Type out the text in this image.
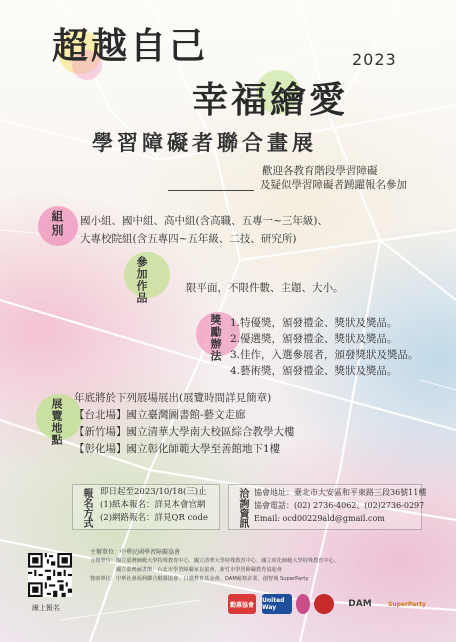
超越自己	2023
幸福繪愛
學習障礙者聯合畫展
歡迎各教育階段學習障礙
及疑似學習障礙者踴躍報名參加
組別 國小組、國中組、高中組(含高職、五專一~三年級)、
大專校院組(含五專四~五年級、二技、研究所)
參加作品	限平面，不限件數、主題、大小。
獎勵辦法 1.特優獎，頒發禮金、獎狀及獎品。
2.優選獎，頒發禮金、獎狀及獎品。
3.佳作，入選參展者，頒發獎狀及獎品。
4.藝術獎，頒發禮金、獎狀及獎品。
展覽地點 年底將於下列展場展出(展覽時間詳見簡章)
【台北場】國立臺灣圖書館-藝文走廊
【新竹場】國立清華大學南大校區綜合教學大樓
【彰化場】國立彰化師範大學至善館地下1樓
報名方式 即日起至2023/10/18(三)止
(1)紙本報名：詳見本會官網
(2)網路報名：詳見QR code	洽詢資訊 協會地址：臺北市大安區和平東路三段36號11樓
協會電話：(02) 2736-4062、(02)2736-0297
Email: ocd00229ald@gmail.com
主辦單位：中華民國學習障礙協會
合辦單位：國立臺灣師範大學特殊教育中心、國立清華大學特殊教育中心、國立彰化師範大學特殊教育中心、
　　　　　國立臺灣圖書館、台北市學習障礙家長協會、新竹市學習障礙教育協進會
贊助單位：中華社會福利聯合勸募協會、日盛教育基金會、DAM耐寫企業、創智城 SuperParty
線上報名	勸募協會
United Way	DAM	SuperParty
